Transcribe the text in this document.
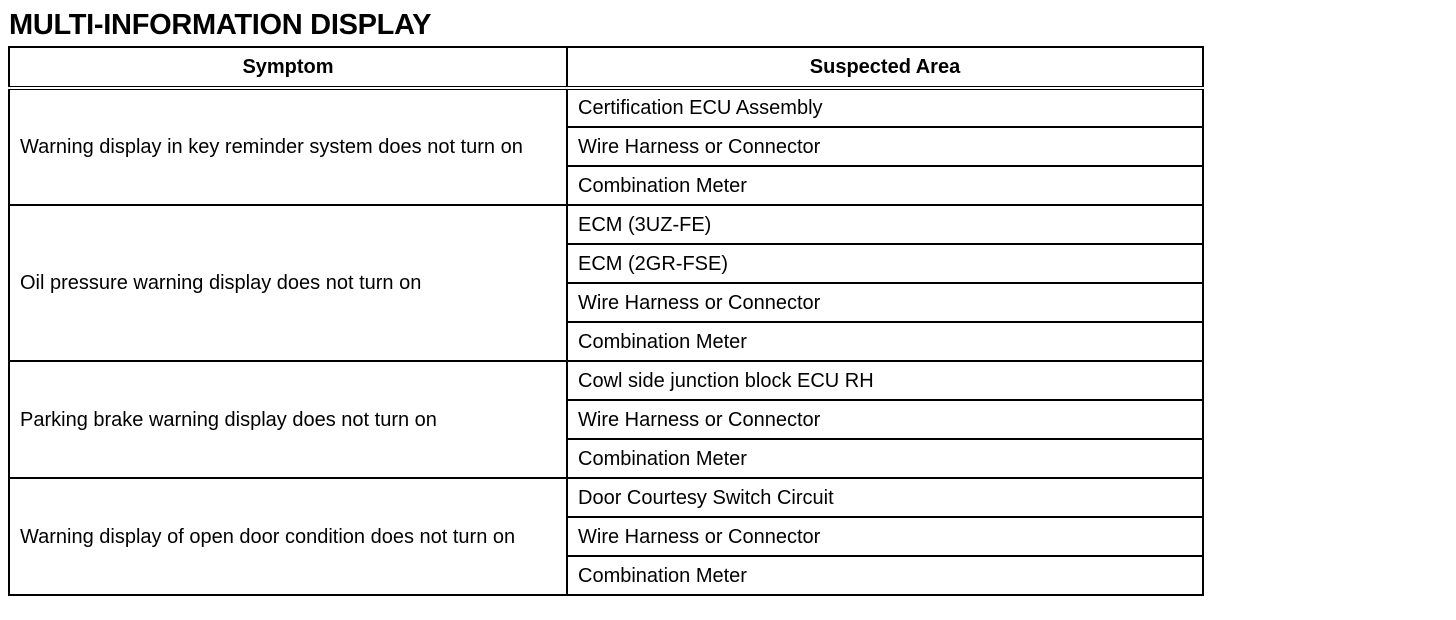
MULTI-INFORMATION DISPLAY
Symptom	Suspected Area
Warning display in key reminder system does not turn on	Certification ECU Assembly
	Wire Harness or Connector
	Combination Meter
Oil pressure warning display does not turn on	ECM (3UZ-FE)
	ECM (2GR-FSE)
	Wire Harness or Connector
	Combination Meter
Parking brake warning display does not turn on	Cowl side junction block ECU RH
	Wire Harness or Connector
	Combination Meter
Warning display of open door condition does not turn on	Door Courtesy Switch Circuit
	Wire Harness or Connector
	Combination Meter
